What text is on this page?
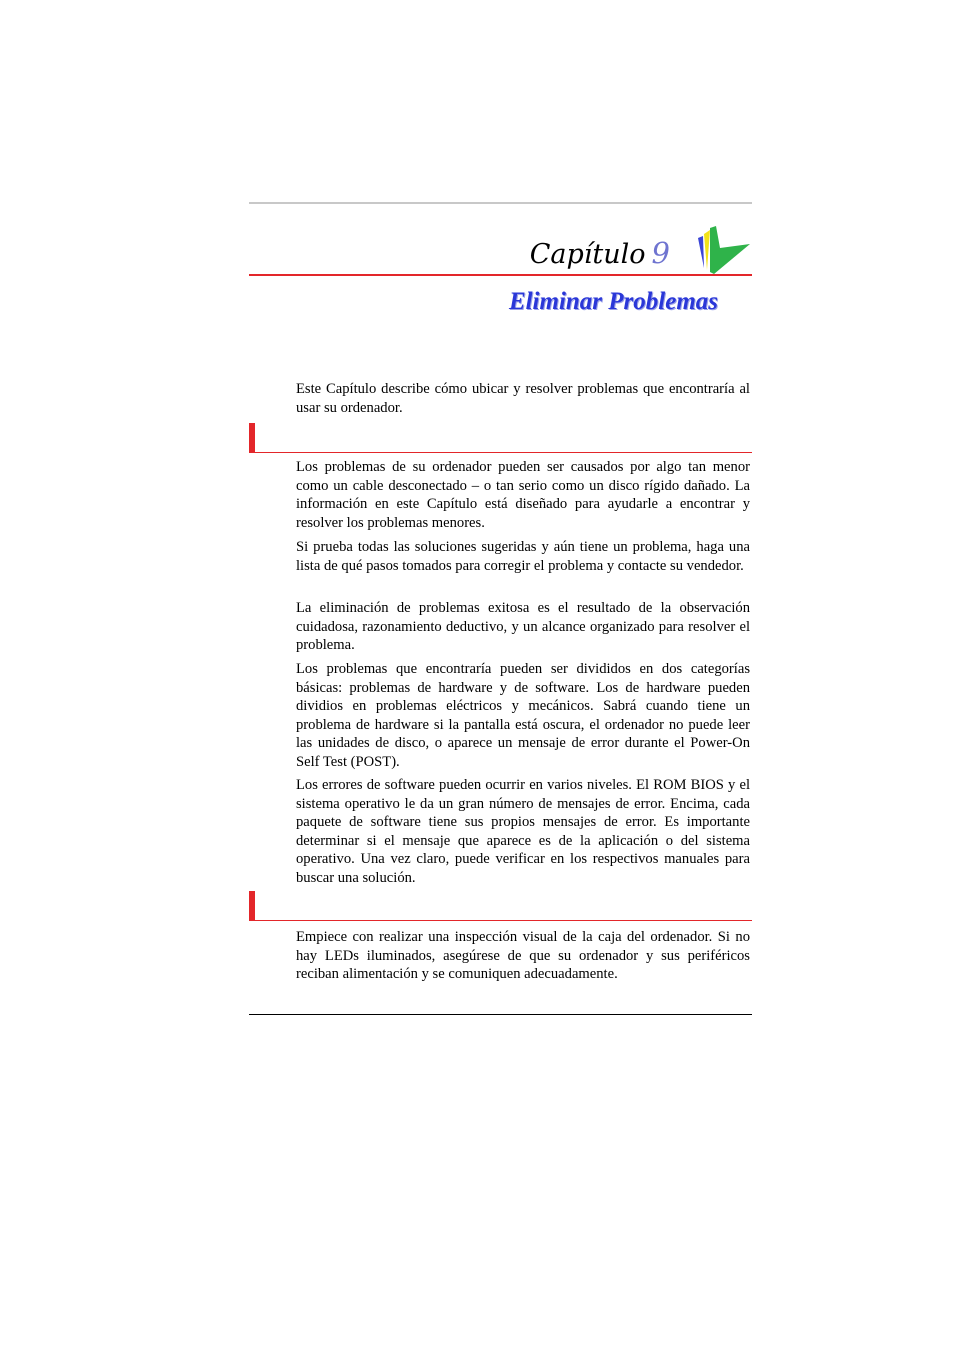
Capítulo 9
Eliminar Problemas

Este Capítulo describe cómo ubicar y resolver problemas que encontraría al usar su ordenador.

Los problemas de su ordenador pueden ser causados por algo tan menor como un cable desconectado – o tan serio como un disco rígido dañado. La información en este Capítulo está diseñado para ayudarle a encontrar y resolver los problemas menores.

Si prueba todas las soluciones sugeridas y aún tiene un problema, haga una lista de qué pasos tomados para corregir el problema y contacte su vendedor.

La eliminación de problemas exitosa es el resultado de la observación cuidadosa, razonamiento deductivo, y un alcance organizado para resolver el problema.

Los problemas que encontraría pueden ser divididos en dos categorías básicas: problemas de hardware y de software. Los de hardware pueden dividios en problemas eléctricos y mecánicos. Sabrá cuando tiene un problema de hardware si la pantalla está oscura, el ordenador no puede leer las unidades de disco, o aparece un mensaje de error durante el Power-On Self Test (POST).

Los errores de software pueden ocurrir en varios niveles. El ROM BIOS y el sistema operativo le da un gran número de mensajes de error. Encima, cada paquete de software tiene sus propios mensajes de error. Es importante determinar si el mensaje que aparece es de la aplicación o del sistema operativo. Una vez claro, puede verificar en los respectivos manuales para buscar una solución.

Empiece con realizar una inspección visual de la caja del ordenador. Si no hay LEDs iluminados, asegúrese de que su ordenador y sus periféricos reciban alimentación y se comuniquen adecuadamente.
